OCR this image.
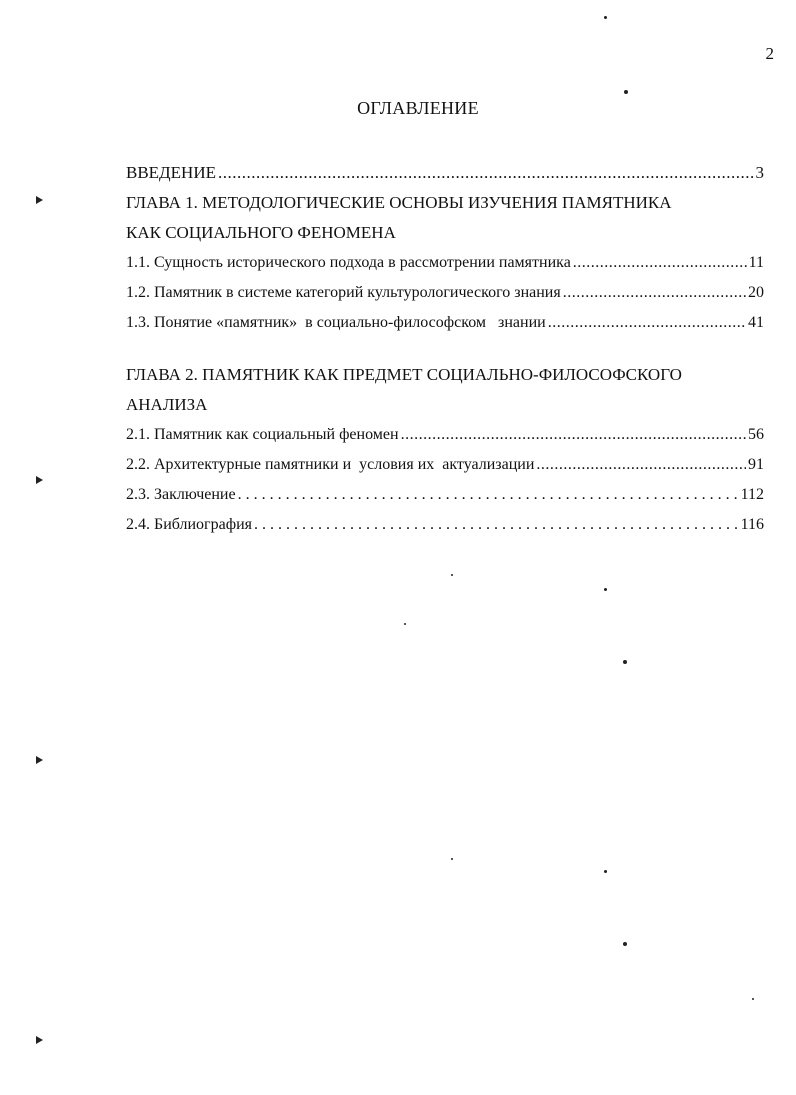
2
ОГЛАВЛЕНИЕ
ВВЕДЕНИЕ .....	3
ГЛАВА 1. МЕТОДОЛОГИЧЕСКИЕ ОСНОВЫ ИЗУЧЕНИЯ ПАМЯТНИКА
КАК СОЦИАЛЬНОГО ФЕНОМЕНА
1.1. Сущность исторического подхода в рассмотрении памятника .....	11
1.2. Памятник в системе категорий культурологического знания .....	20
1.3. Понятие «памятник»  в социально-философском   знании .....	41
ГЛАВА 2. ПАМЯТНИК КАК ПРЕДМЕТ СОЦИАЛЬНО-ФИЛОСОФСКОГО
АНАЛИЗА
2.1. Памятник как социальный феномен .....	56
2.2. Архитектурные памятники и  условия их  актуализации .....	91
2.3. Заключение . . .	112
2.4. Библиография . . .	116
